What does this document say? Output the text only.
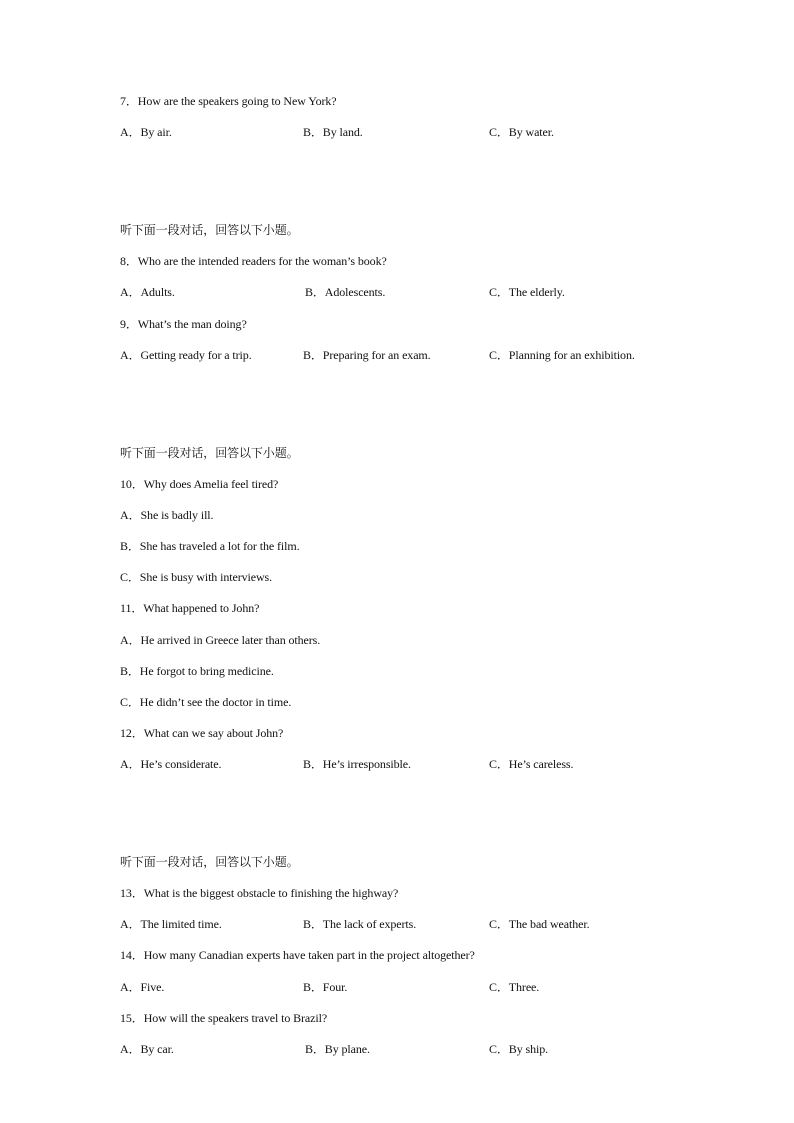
7．How are the speakers going to New York?
A．By air.	B．By land.	C．By water.
听下面一段对话，回答以下小题。
8．Who are the intended readers for the woman’s book?
A．Adults.	B．Adolescents.	C．The elderly.
9．What’s the man doing?
A．Getting ready for a trip.	B．Preparing for an exam.	C．Planning for an exhibition.
听下面一段对话，回答以下小题。
10．Why does Amelia feel tired?
A．She is badly ill.
B．She has traveled a lot for the film.
C．She is busy with interviews.
11．What happened to John?
A．He arrived in Greece later than others.
B．He forgot to bring medicine.
C．He didn’t see the doctor in time.
12．What can we say about John?
A．He’s considerate.	B．He’s irresponsible.	C．He’s careless.
听下面一段对话，回答以下小题。
13．What is the biggest obstacle to finishing the highway?
A．The limited time.	B．The lack of experts.	C．The bad weather.
14．How many Canadian experts have taken part in the project altogether?
A．Five.	B．Four.	C．Three.
15．How will the speakers travel to Brazil?
A．By car.	B．By plane.	C．By ship.
